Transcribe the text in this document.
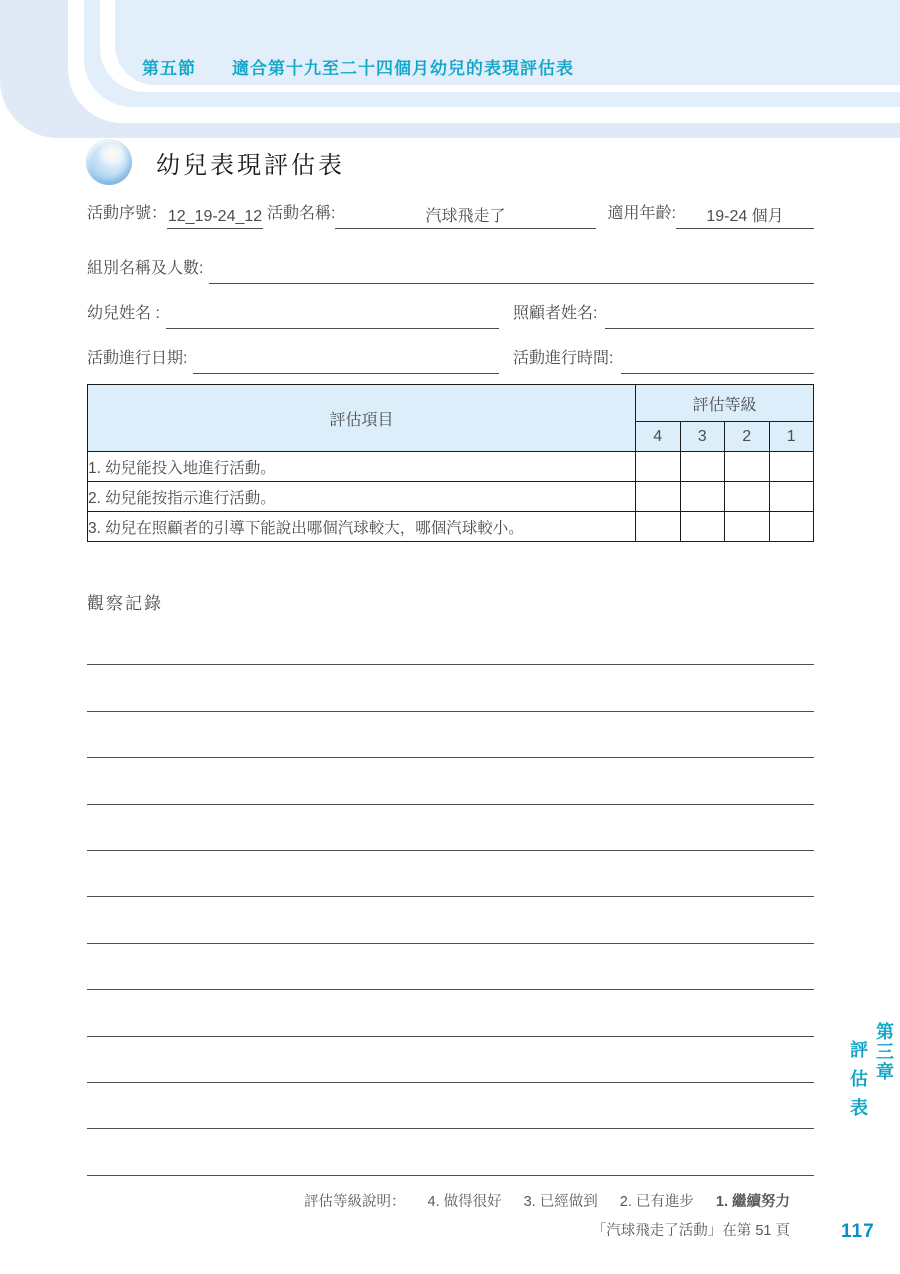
第五節 適合第十九至二十四個月幼兒的表現評估表
幼兒表現評估表
活動序號： 12_19-24_12 活動名稱:	汽球飛走了	適用年齡:	19-24 個月
組別名稱及人數:
幼兒姓名 :	照顧者姓名:
活動進行日期:	活動進行時間:
評估項目	評估等級			
	4	3	2	1
1. 幼兒能投入地進行活動。				
2. 幼兒能按指示進行活動。				
3. 幼兒在照顧者的引導下能說出哪個汽球較大，哪個汽球較小。				
觀察記錄
評估等級說明： 4. 做得很好 3. 已經做到 2. 已有進步 1. 繼續努力
「汽球飛走了活動」在第 51 頁
第三章
評估表
117
